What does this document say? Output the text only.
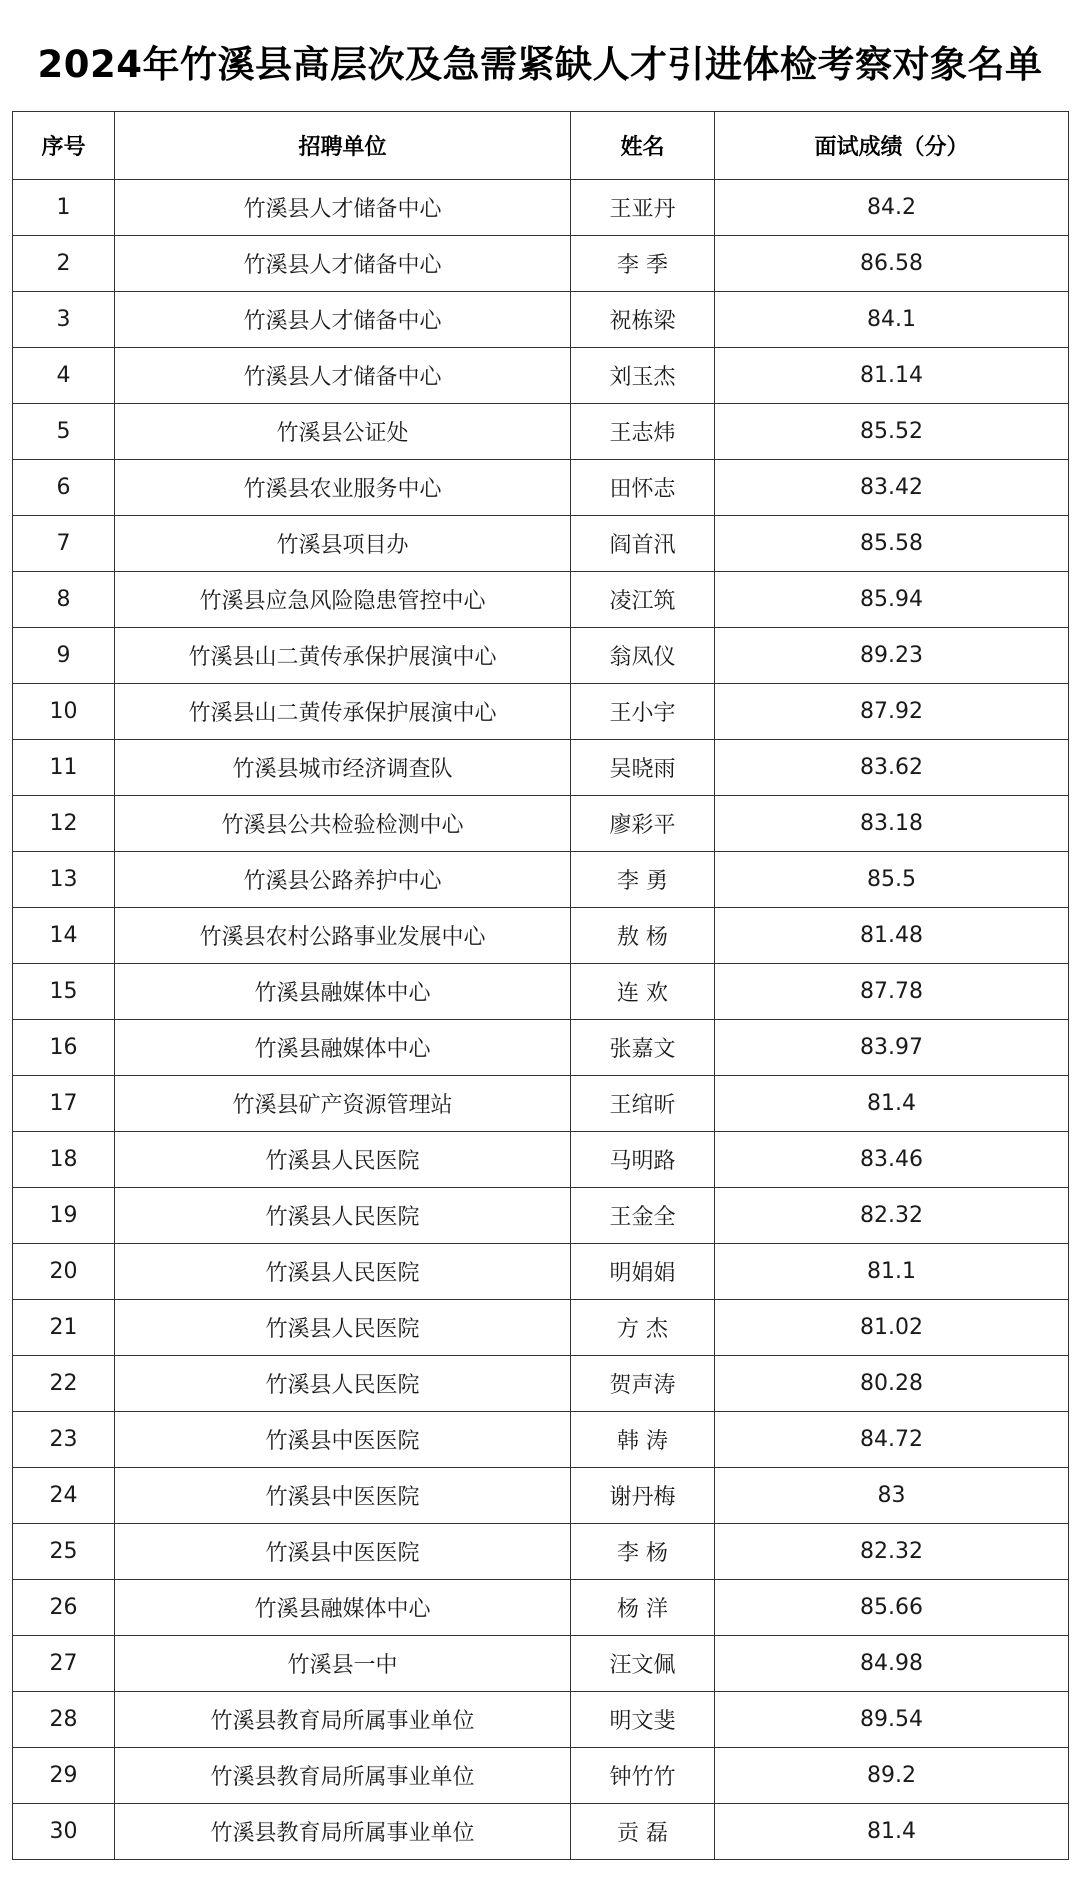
2024年竹溪县高层次及急需紧缺人才引进体检考察对象名单
序号	招聘单位	姓名	面试成绩（分）
1	竹溪县人才储备中心	王亚丹	84.2
2	竹溪县人才储备中心	李 季	86.58
3	竹溪县人才储备中心	祝栋梁	84.1
4	竹溪县人才储备中心	刘玉杰	81.14
5	竹溪县公证处	王志炜	85.52
6	竹溪县农业服务中心	田怀志	83.42
7	竹溪县项目办	阎首汛	85.58
8	竹溪县应急风险隐患管控中心	凌江筑	85.94
9	竹溪县山二黄传承保护展演中心	翁凤仪	89.23
10	竹溪县山二黄传承保护展演中心	王小宇	87.92
11	竹溪县城市经济调查队	吴晓雨	83.62
12	竹溪县公共检验检测中心	廖彩平	83.18
13	竹溪县公路养护中心	李 勇	85.5
14	竹溪县农村公路事业发展中心	敖 杨	81.48
15	竹溪县融媒体中心	连 欢	87.78
16	竹溪县融媒体中心	张嘉文	83.97
17	竹溪县矿产资源管理站	王绾昕	81.4
18	竹溪县人民医院	马明路	83.46
19	竹溪县人民医院	王金全	82.32
20	竹溪县人民医院	明娟娟	81.1
21	竹溪县人民医院	方 杰	81.02
22	竹溪县人民医院	贺声涛	80.28
23	竹溪县中医医院	韩 涛	84.72
24	竹溪县中医医院	谢丹梅	83
25	竹溪县中医医院	李 杨	82.32
26	竹溪县融媒体中心	杨 洋	85.66
27	竹溪县一中	汪文佩	84.98
28	竹溪县教育局所属事业单位	明文斐	89.54
29	竹溪县教育局所属事业单位	钟竹竹	89.2
30	竹溪县教育局所属事业单位	贡 磊	81.4
